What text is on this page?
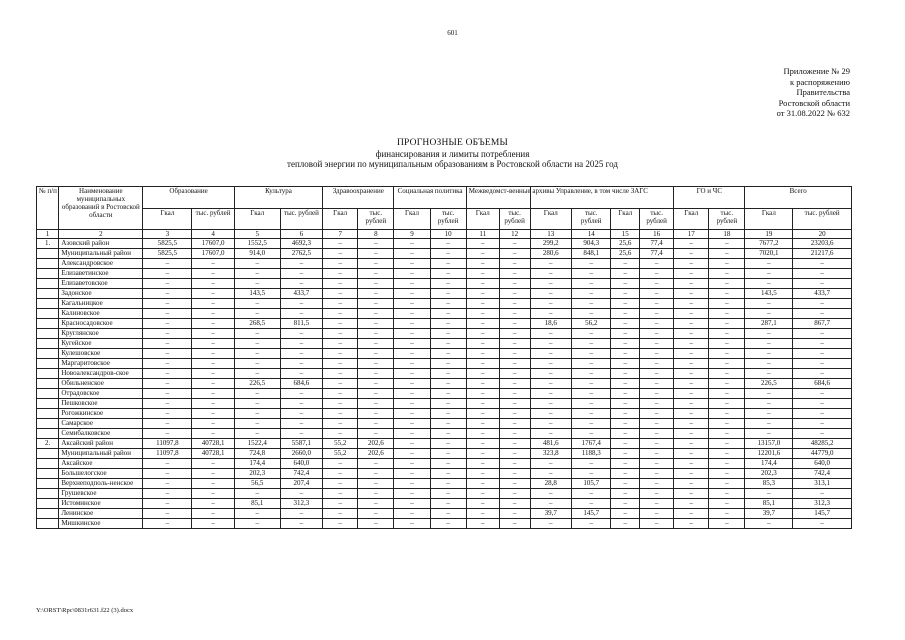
601
Приложение № 29
к распоряжению
Правительства
Ростовской области
от 31.08.2022 № 632
ПРОГНОЗНЫЕ ОБЪЕМЫ
финансирования и лимиты потребления
тепловой энергии по муниципальным образованиям в Ростовской области на 2025 год
№ п/п	Наименование муниципальных образований в Ростовской области	Образование		Культура		Здравоохранение		Социальная политика		Межведомст-венные архивы		Управление, в том числе ЗАГС				ГО и ЧС		Всего	
		Гкал	тыс. рублей	Гкал	тыс. рублей	Гкал	тыс. рублей	Гкал	тыс. рублей	Гкал	тыс. рублей	Гкал	тыс. рублей	Гкал	тыс. рублей	Гкал	тыс. рублей	Гкал	тыс. рублей
1	2	3	4	5	6	7	8	9	10	11	12	13	14	15	16	17	18	19	20
1.	Азовский район	5825,5	17607,0	1552,5	4692,3	–	–	–	–	–	–	299,2	904,3	25,6	77,4	–	–	7677,2	23203,6
	Муниципальный район	5825,5	17607,0	914,0	2762,5	–	–	–	–	–	–	280,6	848,1	25,6	77,4	–	–	7020,1	21217,6
	Александровское	–	–	–	–	–	–	–	–	–	–	–	–	–	–	–	–	–	–
	Елизаветинское	–	–	–	–	–	–	–	–	–	–	–	–	–	–	–	–	–	–
	Елизаветовское	–	–	–	–	–	–	–	–	–	–	–	–	–	–	–	–	–	–
	Задонское	–	–	143,5	433,7	–	–	–	–	–	–	–	–	–	–	–	–	143,5	433,7
	Кагальницкое	–	–	–	–	–	–	–	–	–	–	–	–	–	–	–	–	–	–
	Калиновское	–	–	–	–	–	–	–	–	–	–	–	–	–	–	–	–	–	–
	Красносадовское	–	–	268,5	811,5	–	–	–	–	–	–	18,6	56,2	–	–	–	–	287,1	867,7
	Круглянское	–	–	–	–	–	–	–	–	–	–	–	–	–	–	–	–	–	–
	Кугейское	–	–	–	–	–	–	–	–	–	–	–	–	–	–	–	–	–	–
	Кулешовское	–	–	–	–	–	–	–	–	–	–	–	–	–	–	–	–	–	–
	Маргаритовское	–	–	–	–	–	–	–	–	–	–	–	–	–	–	–	–	–	–
	Новоалександров-ское	–	–	–	–	–	–	–	–	–	–	–	–	–	–	–	–	–	–
	Обильненское	–	–	226,5	684,6	–	–	–	–	–	–	–	–	–	–	–	–	226,5	684,6
	Отрадовское	–	–	–	–	–	–	–	–	–	–	–	–	–	–	–	–	–	–
	Пешковское	–	–	–	–	–	–	–	–	–	–	–	–	–	–	–	–	–	–
	Рогожкинское	–	–	–	–	–	–	–	–	–	–	–	–	–	–	–	–	–	–
	Самарское	–	–	–	–	–	–	–	–	–	–	–	–	–	–	–	–	–	–
	Семибалковское	–	–	–	–	–	–	–	–	–	–	–	–	–	–	–	–	–	–
2.	Аксайский район	11097,8	40728,1	1522,4	5587,1	55,2	202,6	–	–	–	–	481,6	1767,4	–	–	–	–	13157,0	48285,2
	Муниципальный район	11097,8	40728,1	724,8	2660,0	55,2	202,6	–	–	–	–	323,8	1188,3	–	–	–	–	12201,6	44779,0
	Аксайское	–	–	174,4	640,0	–	–	–	–	–	–	–	–	–	–	–	–	174,4	640,0
	Большелогское	–	–	202,3	742,4	–	–	–	–	–	–	–	–	–	–	–	–	202,3	742,4
	Верхнеподполь-ненское	–	–	56,5	207,4	–	–	–	–	–	–	28,8	105,7	–	–	–	–	85,3	313,1
	Грушевское	–	–	–	–	–	–	–	–	–	–	–	–	–	–	–	–	–	–
	Истоминское	–	–	85,1	312,3	–	–	–	–	–	–	–	–	–	–	–	–	85,1	312,3
	Ленинское	–	–	–	–	–	–	–	–	–	–	39,7	145,7	–	–	–	–	39,7	145,7
	Мишкинское	–	–	–	–	–	–	–	–	–	–	–	–	–	–	–	–	–	–
Y:\ORST\Rpc\0831r631.f22 (3).docx
